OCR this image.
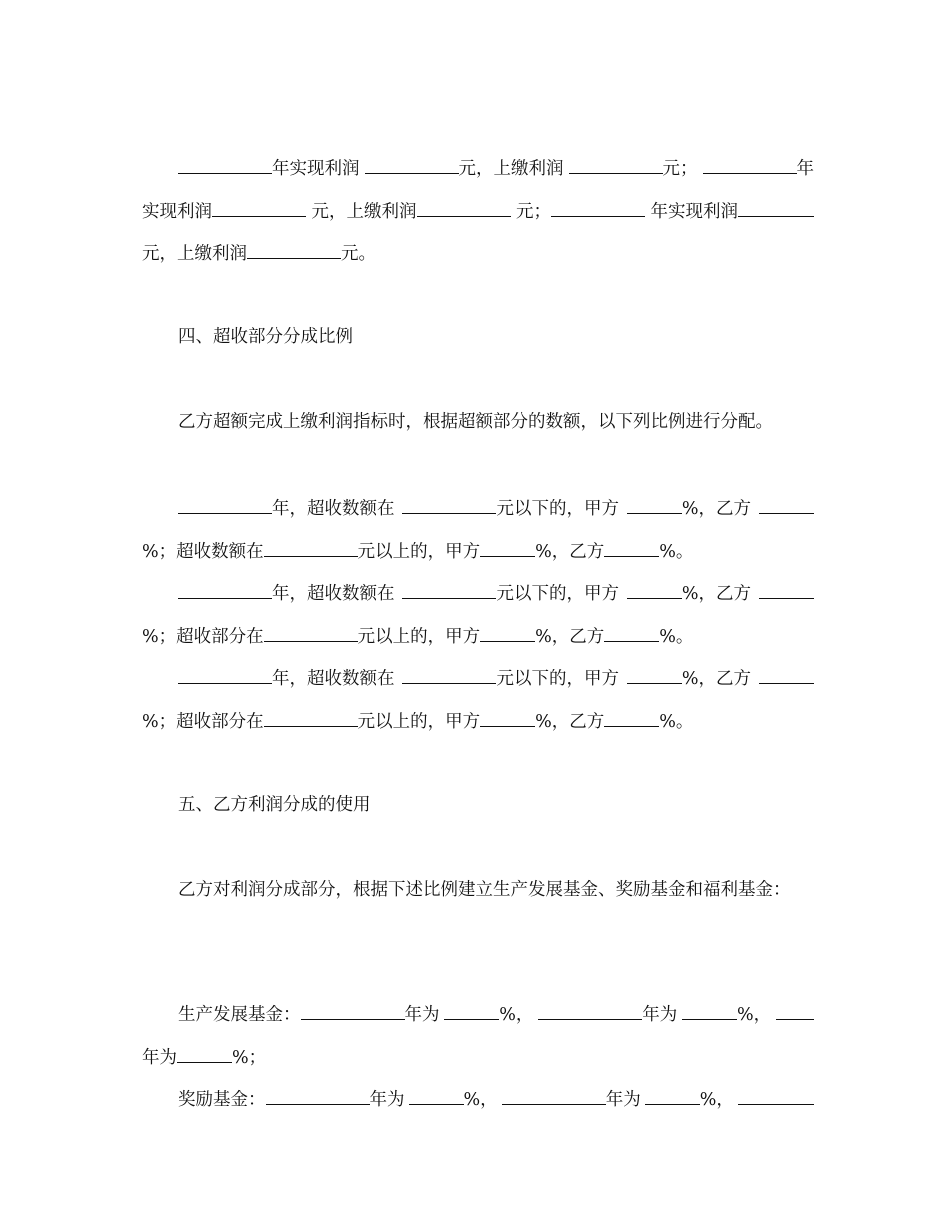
年实现利润	元，上缴利润	元；	年
实现利润	元，上缴利润	元；	年实现利润
元，上缴利润	元。
四、超收部分分成比例
乙方超额完成上缴利润指标时，根据超额部分的数额，以下列比例进行分配。
年，超收数额在	元以下的，甲方	%，乙方
%；超收数额在	元以上的，甲方	%，乙方	%。
年，超收数额在	元以下的，甲方	%，乙方
%；超收部分在	元以上的，甲方	%，乙方	%。
年，超收数额在	元以下的，甲方	%，乙方
%；超收部分在	元以上的，甲方	%，乙方	%。
五、乙方利润分成的使用
乙方对利润分成部分，根据下述比例建立生产发展基金、奖励基金和福利基金：
生产发展基金：	年为	%，	年为	%，
年为	%；
奖励基金：	年为	%，	年为	%，
